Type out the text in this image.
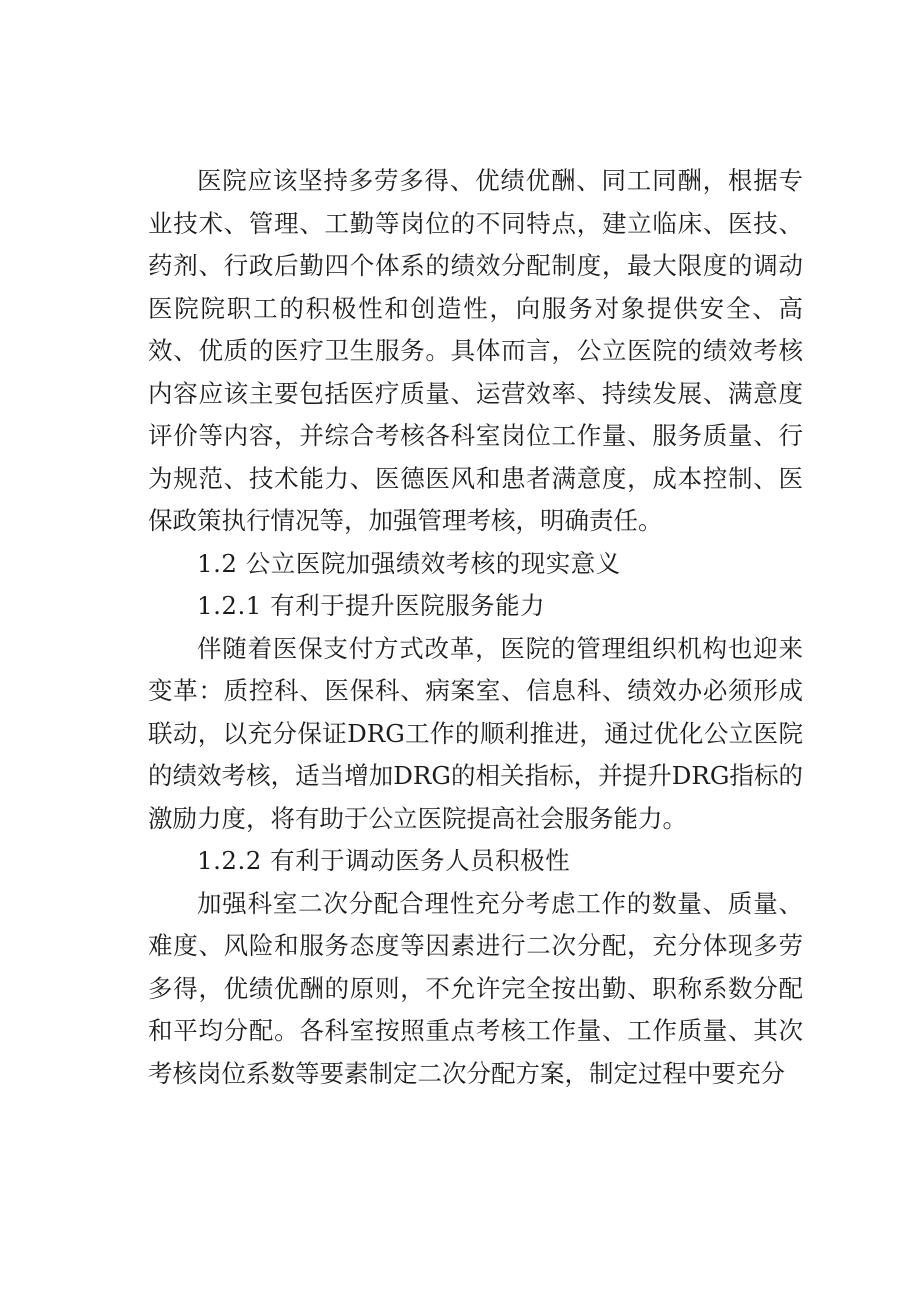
医院应该坚持多劳多得、优绩优酬、同工同酬，根据专业技术、管理、工勤等岗位的不同特点，建立临床、医技、药剂、行政后勤四个体系的绩效分配制度，最大限度的调动医院院职工的积极性和创造性，向服务对象提供安全、高效、优质的医疗卫生服务。具体而言，公立医院的绩效考核内容应该主要包括医疗质量、运营效率、持续发展、满意度评价等内容，并综合考核各科室岗位工作量、服务质量、行为规范、技术能力、医德医风和患者满意度，成本控制、医保政策执行情况等，加强管理考核，明确责任。

1.2 公立医院加强绩效考核的现实意义

1.2.1 有利于提升医院服务能力

伴随着医保支付方式改革，医院的管理组织机构也迎来变革：质控科、医保科、病案室、信息科、绩效办必须形成联动，以充分保证DRG工作的顺利推进，通过优化公立医院的绩效考核，适当增加DRG的相关指标，并提升DRG指标的激励力度，将有助于公立医院提高社会服务能力。

1.2.2 有利于调动医务人员积极性

加强科室二次分配合理性充分考虑工作的数量、质量、难度、风险和服务态度等因素进行二次分配，充分体现多劳多得，优绩优酬的原则，不允许完全按出勤、职称系数分配和平均分配。各科室按照重点考核工作量、工作质量、其次考核岗位系数等要素制定二次分配方案，制定过程中要充分
